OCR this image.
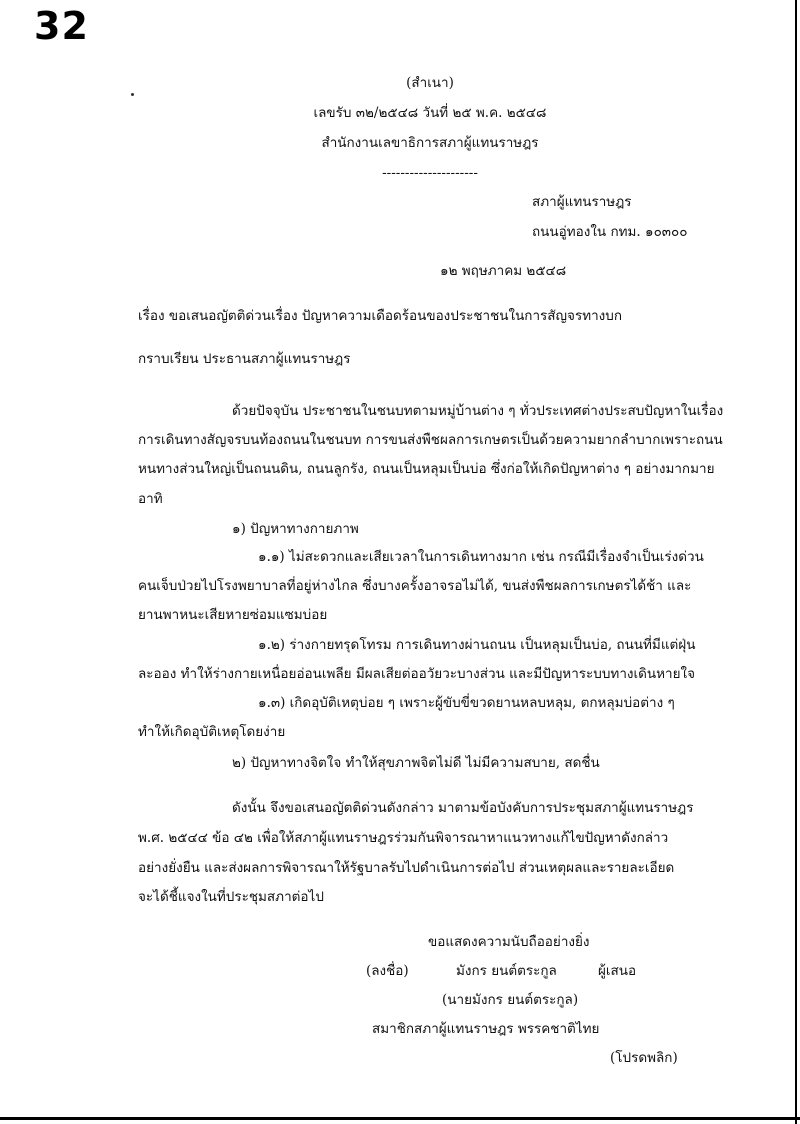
32
(สำเนา)
เลขรับ ๓๒/๒๕๔๘ วันที่ ๒๕ พ.ค. ๒๕๔๘
สำนักงานเลขาธิการสภาผู้แทนราษฎร
---------------------
สภาผู้แทนราษฎร
ถนนอู่ทองใน กทม. ๑๐๓๐๐
๑๒ พฤษภาคม ๒๕๔๘
เรื่อง ขอเสนอญัตติด่วนเรื่อง ปัญหาความเดือดร้อนของประชาชนในการสัญจรทางบก
กราบเรียน ประธานสภาผู้แทนราษฎร
ด้วยปัจจุบัน ประชาชนในชนบทตามหมู่บ้านต่าง ๆ ทั่วประเทศต่างประสบปัญหาในเรื่อง
การเดินทางสัญจรบนท้องถนนในชนบท การขนส่งพืชผลการเกษตรเป็นด้วยความยากลำบากเพราะถนน
หนทางส่วนใหญ่เป็นถนนดิน, ถนนลูกรัง, ถนนเป็นหลุมเป็นบ่อ ซึ่งก่อให้เกิดปัญหาต่าง ๆ อย่างมากมาย
อาทิ
๑) ปัญหาทางกายภาพ
๑.๑) ไม่สะดวกและเสียเวลาในการเดินทางมาก เช่น กรณีมีเรื่องจำเป็นเร่งด่วน
คนเจ็บป่วยไปโรงพยาบาลที่อยู่ห่างไกล ซึ่งบางครั้งอาจรอไม่ได้, ขนส่งพืชผลการเกษตรได้ช้า และ
ยานพาหนะเสียหายซ่อมแซมบ่อย
๑.๒) ร่างกายทรุดโทรม การเดินทางผ่านถนน เป็นหลุมเป็นบ่อ, ถนนที่มีแต่ฝุ่น
ละออง ทำให้ร่างกายเหนื่อยอ่อนเพลีย มีผลเสียต่ออวัยวะบางส่วน และมีปัญหาระบบทางเดินหายใจ
๑.๓) เกิดอุบัติเหตุบ่อย ๆ เพราะผู้ขับขี่ขวดยานหลบหลุม, ตกหลุมบ่อต่าง ๆ
ทำให้เกิดอุบัติเหตุโดยง่าย
๒) ปัญหาทางจิตใจ ทำให้สุขภาพจิตไม่ดี ไม่มีความสบาย, สดชื่น
ดังนั้น จึงขอเสนอญัตติด่วนดังกล่าว มาตามข้อบังคับการประชุมสภาผู้แทนราษฎร
พ.ศ. ๒๕๔๔ ข้อ ๔๒ เพื่อให้สภาผู้แทนราษฎรร่วมกันพิจารณาหาแนวทางแก้ไขปัญหาดังกล่าว
อย่างยั่งยืน และส่งผลการพิจารณาให้รัฐบาลรับไปดำเนินการต่อไป ส่วนเหตุผลและรายละเอียด
จะได้ชี้แจงในที่ประชุมสภาต่อไป
ขอแสดงความนับถืออย่างยิ่ง
(ลงชื่อ)	มังกร ยนต์ตระกูล	ผู้เสนอ
(นายมังกร ยนต์ตระกูล)
สมาชิกสภาผู้แทนราษฎร พรรคชาติไทย
(โปรดพลิก)
